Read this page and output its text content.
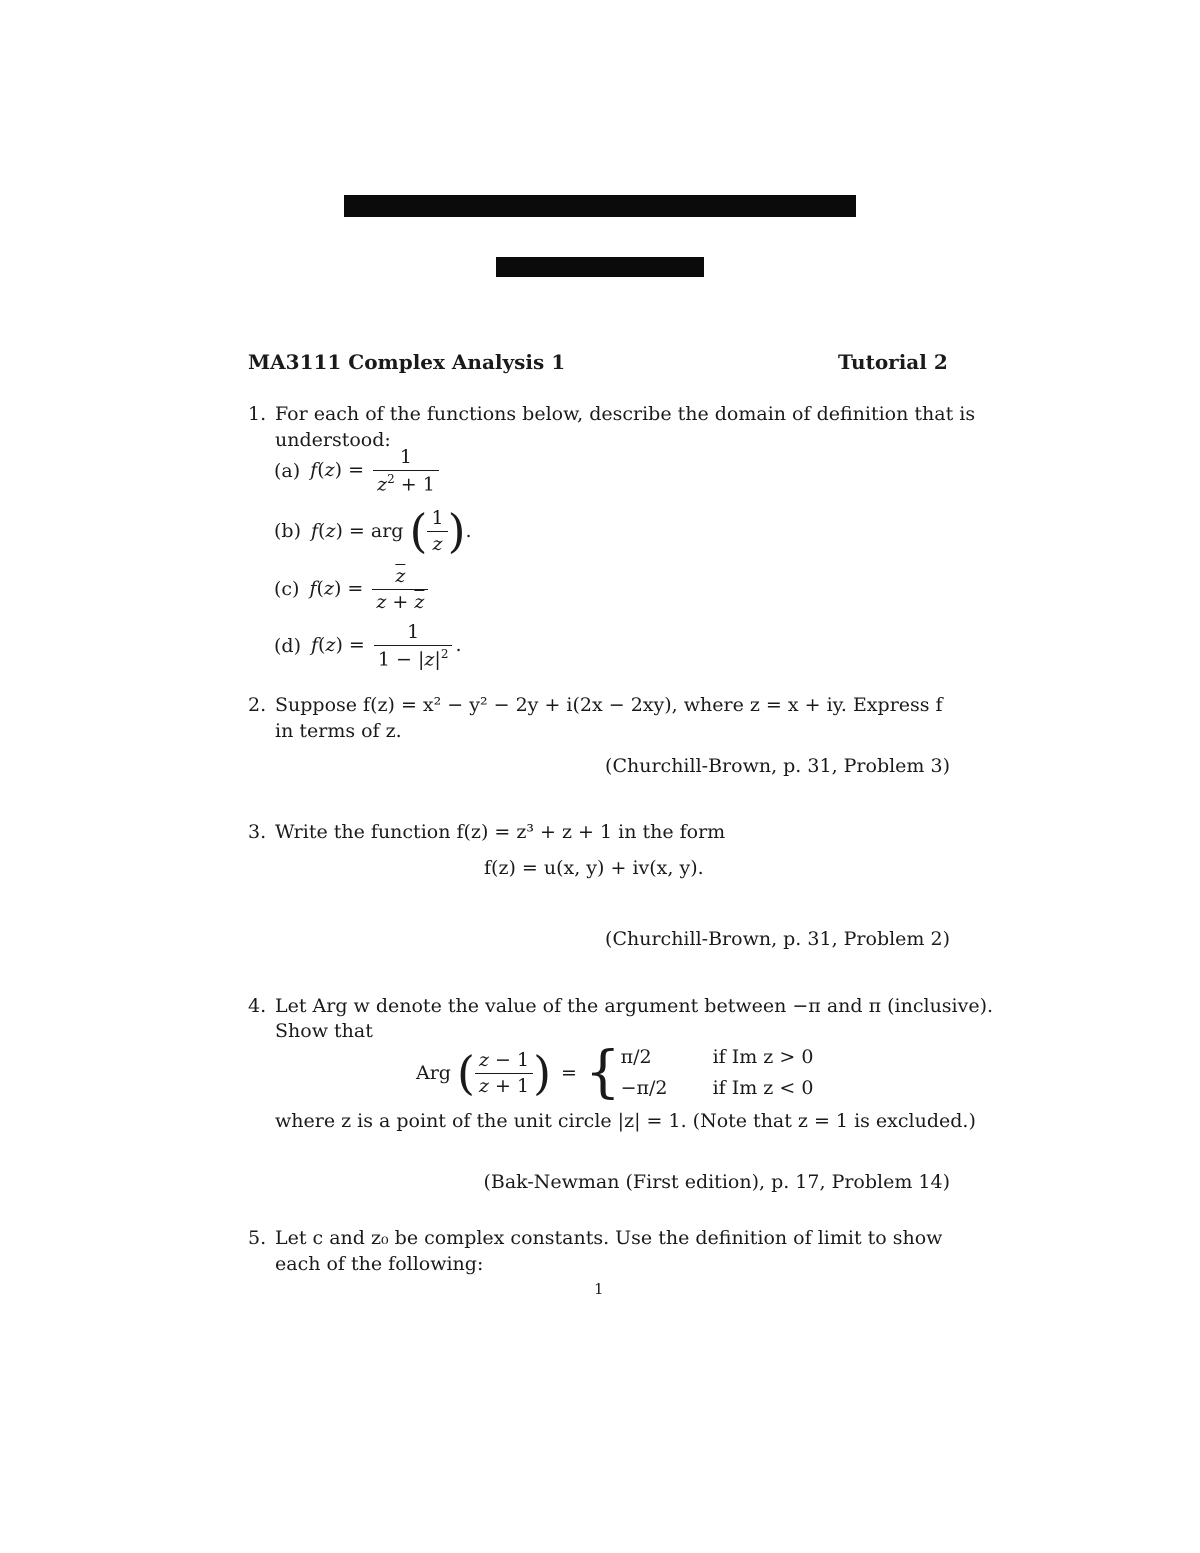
MA3111 Complex Analysis 1	Tutorial 2
1. For each of the functions below, describe the domain of definition that is
understood:
(a) $f(z) = \frac{1}{z^2 + 1}$
(b) f(z) = arg ( $\frac{1}{z}$ ) .
(c) $f(z) = \frac{\overline{z}}{z + \overline{z}}$
(d) $f(z) = \frac{1}{1 - |z|^2}$ .
2. Suppose f(z) = x² − y² − 2y + i(2x − 2xy), where z = x + iy. Express f
in terms of z.
(Churchill-Brown, p. 31, Problem 3)
3. Write the function f(z) = z³ + z + 1 in the form
f(z) = u(x, y) + iv(x, y).
(Churchill-Brown, p. 31, Problem 2)
4. Let Arg w denote the value of the argument between −π and π (inclusive).
Show that
Arg ( $\frac{z - 1}{z + 1}$ ) = { π/2	if Im z > 0
−π/2	if Im z < 0
where z is a point of the unit circle |z| = 1. (Note that z = 1 is excluded.)
(Bak-Newman (First edition), p. 17, Problem 14)
5. Let c and z₀ be complex constants. Use the definition of limit to show
each of the following:
1
